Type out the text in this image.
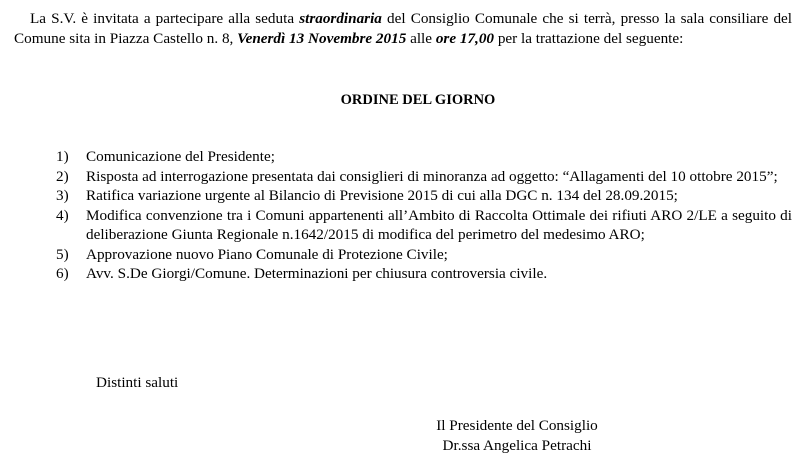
La S.V. è invitata a partecipare alla seduta straordinaria del Consiglio Comunale che si terrà, presso la sala consiliare del Comune sita in Piazza Castello n. 8, Venerdì 13 Novembre 2015 alle ore 17,00 per la trattazione del seguente:
ORDINE DEL GIORNO
1) Comunicazione del Presidente;
2) Risposta ad interrogazione presentata dai consiglieri di minoranza ad oggetto: “Allagamenti del 10 ottobre 2015”;
3) Ratifica variazione urgente al Bilancio di Previsione 2015 di cui alla DGC n. 134 del 28.09.2015;
4) Modifica convenzione tra i Comuni appartenenti all’Ambito di Raccolta Ottimale dei rifiuti ARO 2/LE a seguito di deliberazione Giunta Regionale n.1642/2015 di modifica del perimetro del medesimo ARO;
5) Approvazione nuovo Piano Comunale di Protezione Civile;
6) Avv. S.De Giorgi/Comune. Determinazioni per chiusura controversia civile.
Distinti saluti
Il Presidente del Consiglio
Dr.ssa Angelica Petrachi
